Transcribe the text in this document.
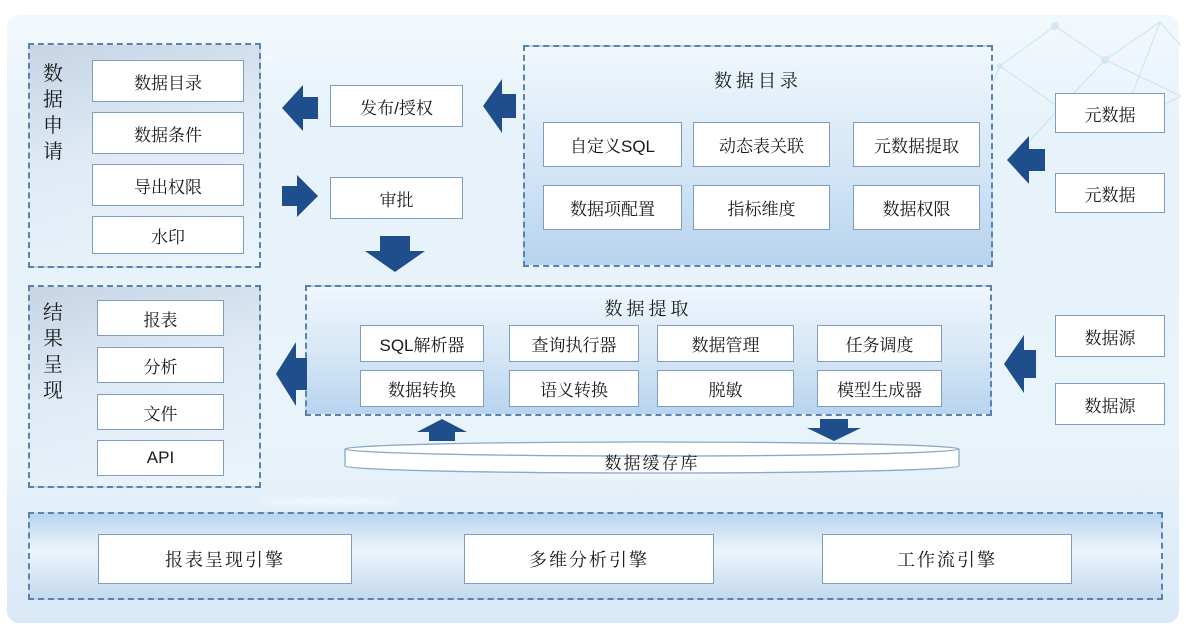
数据申请
数据目录
数据条件
导出权限
水印
发布/授权
审批
数据目录
自定义SQL	动态表关联	元数据提取
数据项配置	指标维度	数据权限
元数据
元数据
数据提取
SQL解析器	查询执行器	数据管理	任务调度
数据转换	语义转换	脱敏	模型生成器
数据源
数据源
结果呈现
报表
分析
文件
API	数据缓存库
报表呈现引擎	多维分析引擎	工作流引擎
